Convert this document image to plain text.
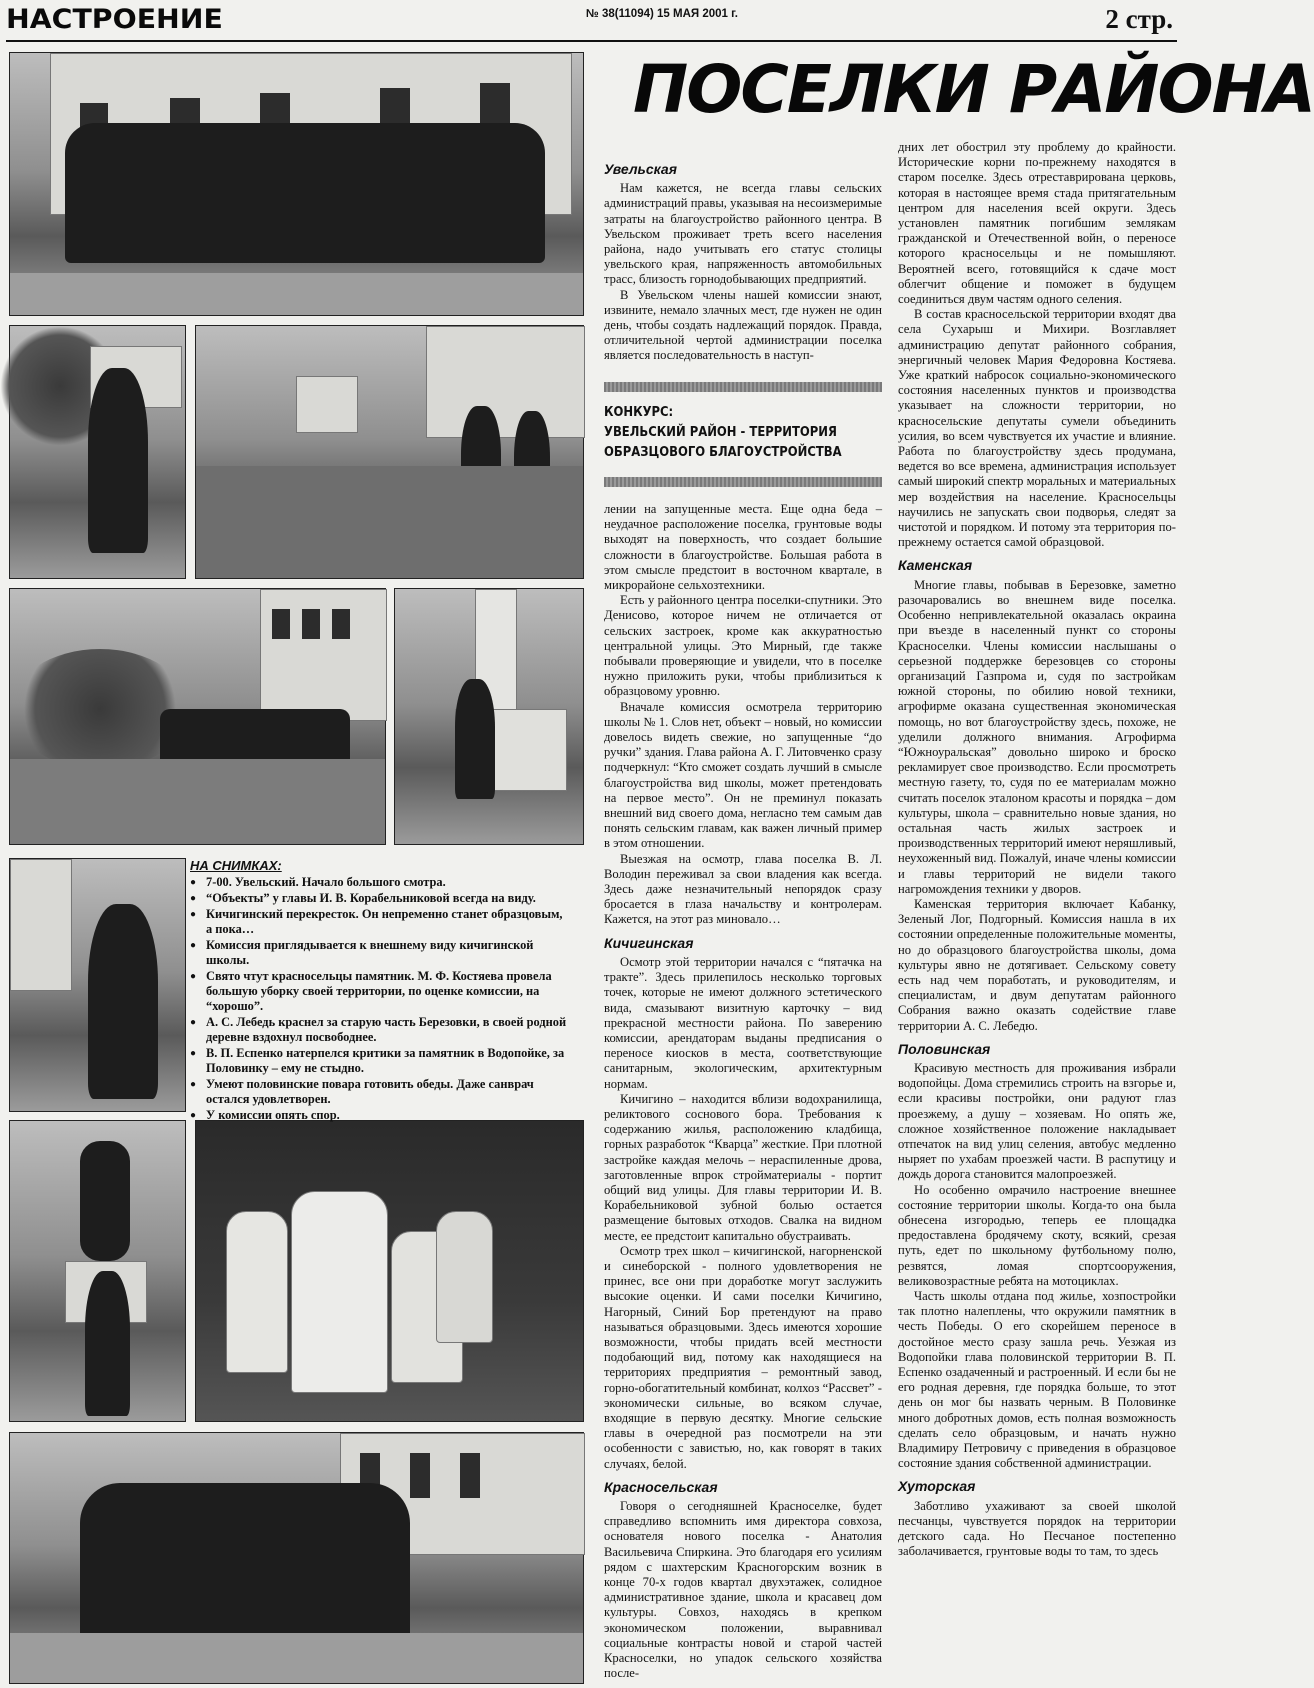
НАСТРОЕНИЕ	№ 38(11094) 15 МАЯ 2001 г.	2 стр.
ПОСЕЛКИ РАЙОНА
НА СНИМКАХ:
● 7-00. Увельский. Начало большого смотра.
● “Объекты” у главы И. В. Корабельниковой всегда на виду.
● Кичигинский перекресток. Он непременно станет образцовым, а пока…
● Комиссия приглядывается к внешнему виду кичигинской школы.
● Свято чтут красносельцы памятник. М. Ф. Костяева провела большую уборку своей территории, по оценке комиссии, на “хорошо”.
● А. С. Лебедь краснел за старую часть Березовки, в своей родной деревне вздохнул посвободнее.
● В. П. Еспенко натерпелся критики за памятник в Водопойке, за Половинку – ему не стыдно.
● Умеют половинские повара готовить обеды. Даже санврач остался удовлетворен.
● У комиссии опять спор.
Увельская

Нам кажется, не всегда главы сельских администраций правы, указывая на несоизмеримые затраты на благоустройство районного центра. В Увельском проживает треть всего населения района, надо учитывать его статус столицы увельского края, напряженность автомобильных трасс, близость горнодобывающих предприятий.

В Увельском члены нашей комиссии знают, извините, немало злачных мест, где нужен не один день, чтобы создать надлежащий порядок. Правда, отличительной чертой администрации поселка является последовательность в наступ-

КОНКУРС:
УВЕЛЬСКИЙ РАЙОН - ТЕРРИТОРИЯ
ОБРАЗЦОВОГО БЛАГОУСТРОЙСТВА

лении на запущенные места. Еще одна беда – неудачное расположение поселка, грунтовые воды выходят на поверхность, что создает большие сложности в благоустройстве. Большая работа в этом смысле предстоит в восточном квартале, в микрорайоне сельхозтехники.

Есть у районного центра поселки-спутники. Это Денисово, которое ничем не отличается от сельских застроек, кроме как аккуратностью центральной улицы. Это Мирный, где также побывали проверяющие и увидели, что в поселке нужно приложить руки, чтобы приблизиться к образцовому уровню.

Вначале комиссия осмотрела территорию школы № 1. Слов нет, объект – новый, но комиссии довелось видеть свежие, но запущенные “до ручки” здания. Глава района А. Г. Литовченко сразу подчеркнул: “Кто сможет создать лучший в смысле благоустройства вид школы, может претендовать на первое место”. Он не преминул показать внешний вид своего дома, негласно тем самым дав понять сельским главам, как важен личный пример в этом отношении.

Выезжая на осмотр, глава поселка В. Л. Володин переживал за свои владения как всегда. Здесь даже незначительный непорядок сразу бросается в глаза начальству и контролерам. Кажется, на этот раз миновало…

Кичигинская

Осмотр этой территории начался с “пятачка на тракте”. Здесь прилепилось несколько торговых точек, которые не имеют должного эстетического вида, смазывают визитную карточку – вид прекрасной местности района. По заверению комиссии, арендаторам выданы предписания о переносе киосков в места, соответствующие санитарным, экологическим, архитектурным нормам.

Кичигино – находится вблизи водохранилища, реликтового соснового бора. Требования к содержанию жилья, расположению кладбища, горных разработок “Кварца” жесткие. При плотной застройке каждая мелочь – нераспиленные дрова, заготовленные впрок стройматериалы - портит общий вид улицы. Для главы территории И. В. Корабельниковой зубной болью остается размещение бытовых отходов. Свалка на видном месте, ее предстоит капитально обустраивать.

Осмотр трех школ – кичигинской, нагорненской и синеборской - полного удовлетворения не принес, все они при доработке могут заслужить высокие оценки. И сами поселки Кичигино, Нагорный, Синий Бор претендуют на право называться образцовыми. Здесь имеются хорошие возможности, чтобы придать всей местности подобающий вид, потому как находящиеся на территориях предприятия – ремонтный завод, горно-обогатительный комбинат, колхоз “Рассвет” - экономически сильные, во всяком случае, входящие в первую десятку. Многие сельские главы в очередной раз посмотрели на эти особенности с завистью, но, как говорят в таких случаях, белой.

Красносельская

Говоря о сегодняшней Красноселке, будет справедливо вспомнить имя директора совхоза, основателя нового поселка - Анатолия Васильевича Спиркина. Это благодаря его усилиям рядом с шахтерским Красногорским возник в конце 70-х годов квартал двухэтажек, солидное административное здание, школа и красавец дом культуры. Совхоз, находясь в крепком экономическом положении, выравнивал социальные контрасты новой и старой частей Красноселки, но упадок сельского хозяйства после-

дних лет обострил эту проблему до крайности. Исторические корни по-прежнему находятся в старом поселке. Здесь отреставрирована церковь, которая в настоящее время стада притягательным центром для населения всей округи. Здесь установлен памятник погибшим землякам гражданской и Отечественной войн, о переносе которого красносельцы и не помышляют. Вероятней всего, готовящийся к сдаче мост облегчит общение и поможет в будущем соединиться двум частям одного селения.

В состав красносельской территории входят два села Сухарыш и Михири. Возглавляет администрацию депутат районного собрания, энергичный человек Мария Федоровна Костяева. Уже краткий набросок социально-экономического состояния населенных пунктов и производства указывает на сложности территории, но красносельские депутаты сумели объединить усилия, во всем чувствуется их участие и влияние. Работа по благоустройству здесь продумана, ведется во все времена, администрация использует самый широкий спектр моральных и материальных мер воздействия на население. Красносельцы научились не запускать свои подворья, следят за чистотой и порядком. И потому эта территория по-прежнему остается самой образцовой.

Каменская

Многие главы, побывав в Березовке, заметно разочаровались во внешнем виде поселка. Особенно непривлекательной оказалась окраина при въезде в населенный пункт со стороны Красноселки. Члены комиссии наслышаны о серьезной поддержке березовцев со стороны организаций Газпрома и, судя по застройкам южной стороны, по обилию новой техники, агрофирме оказана существенная экономическая помощь, но вот благоустройству здесь, похоже, не уделили должного внимания. Агрофирма “Южноуральская” довольно широко и броско рекламирует свое производство. Если просмотреть местную газету, то, судя по ее материалам можно считать поселок эталоном красоты и порядка – дом культуры, школа – сравнительно новые здания, но остальная часть жилых застроек и производственных территорий имеют неряшливый, неухоженный вид. Пожалуй, иначе члены комиссии и главы территорий не видели такого нагромождения техники у дворов.

Каменская территория включает Кабанку, Зеленый Лог, Подгорный. Комиссия нашла в их состоянии определенные положительные моменты, но до образцового благоустройства школы, дома культуры явно не дотягивает. Сельскому совету есть над чем поработать, и руководителям, и специалистам, и двум депутатам районного Собрания важно оказать содействие главе территории А. С. Лебедю.

Половинская

Красивую местность для проживания избрали водопойцы. Дома стремились строить на взгорье и, если красивы постройки, они радуют глаз проезжему, а душу – хозяевам. Но опять же, сложное хозяйственное положение накладывает отпечаток на вид улиц селения, автобус медленно ныряет по ухабам проезжей части. В распутицу и дождь дорога становится малопроезжей.

Но особенно омрачило настроение внешнее состояние территории школы. Когда-то она была обнесена изгородью, теперь ее площадка предоставлена бродячему скоту, всякий, срезая путь, едет по школьному футбольному полю, резвятся, ломая спортсооружения, великовозрастные ребята на мотоциклах.

Часть школы отдана под жилье, хозпостройки так плотно налеплены, что окружили памятник в честь Победы. О его скорейшем переносе в достойное место сразу зашла речь. Уезжая из Водопойки глава половинской территории В. П. Еспенко озадаченный и растроенный. И если бы не его родная деревня, где порядка больше, то этот день он мог бы назвать черным. В Половинке много добротных домов, есть полная возможность сделать село образцовым, и начать нужно Владимиру Петровичу с приведения в образцовое состояние здания собственной администрации.

Хуторская

Заботливо ухаживают за своей школой песчанцы, чувствуется порядок на территории детского сада. Но Песчаное постепенно заболачивается, грунтовые воды то там, то здесь
